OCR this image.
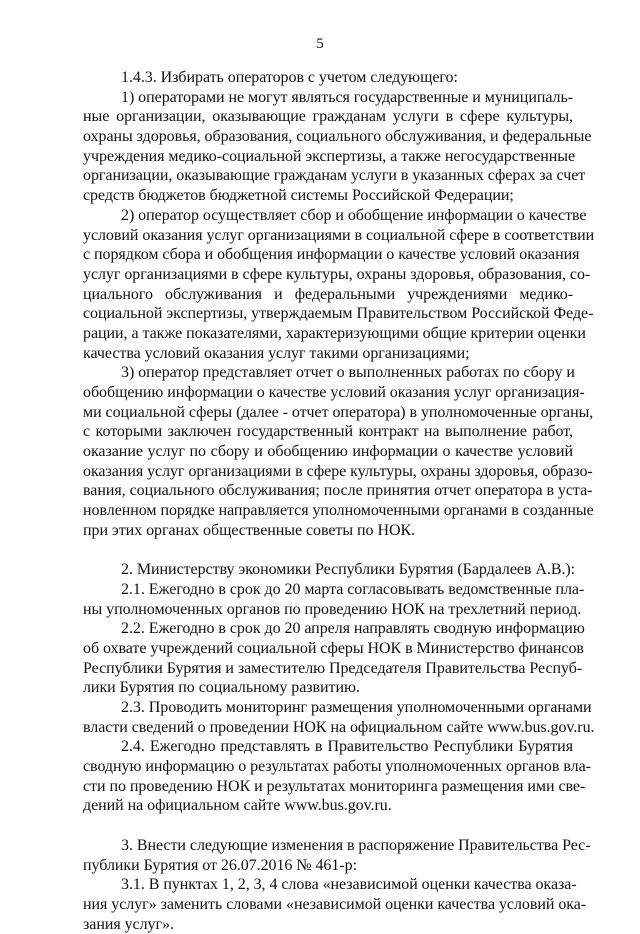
5
1.4.3. Избирать операторов с учетом следующего:
1) операторами не могут являться государственные и муниципаль-
ные организации, оказывающие гражданам услуги в сфере культуры,
охраны здоровья, образования, социального обслуживания, и федеральные
учреждения медико-социальной экспертизы, а также негосударственные
организации, оказывающие гражданам услуги в указанных сферах за счет
средств бюджетов бюджетной системы Российской Федерации;
2) оператор осуществляет сбор и обобщение информации о качестве
условий оказания услуг организациями в социальной сфере в соответствии
с порядком сбора и обобщения информации о качестве условий оказания
услуг организациями в сфере культуры, охраны здоровья, образования, со-
циального обслуживания и федеральными учреждениями медико-
социальной экспертизы, утверждаемым Правительством Российской Феде-
рации, а также показателями, характеризующими общие критерии оценки
качества условий оказания услуг такими организациями;
3) оператор представляет отчет о выполненных работах по сбору и
обобщению информации о качестве условий оказания услуг организация-
ми социальной сферы (далее - отчет оператора) в уполномоченные органы,
с которыми заключен государственный контракт на выполнение работ,
оказание услуг по сбору и обобщению информации о качестве условий
оказания услуг организациями в сфере культуры, охраны здоровья, образо-
вания, социального обслуживания; после принятия отчет оператора в уста-
новленном порядке направляется уполномоченными органами в созданные
при этих органах общественные советы по НОК.
2. Министерству экономики Республики Бурятия (Бардалеев А.В.):
2.1. Ежегодно в срок до 20 марта согласовывать ведомственные пла-
ны уполномоченных органов по проведению НОК на трехлетний период.
2.2. Ежегодно в срок до 20 апреля направлять сводную информацию
об охвате учреждений социальной сферы НОК в Министерство финансов
Республики Бурятия и заместителю Председателя Правительства Респуб-
лики Бурятия по социальному развитию.
2.3. Проводить мониторинг размещения уполномоченными органами
власти сведений о проведении НОК на официальном сайте www.bus.gov.ru.
2.4. Ежегодно представлять в Правительство Республики Бурятия
сводную информацию о результатах работы уполномоченных органов вла-
сти по проведению НОК и результатах мониторинга размещения ими све-
дений на официальном сайте www.bus.gov.ru.
3. Внести следующие изменения в распоряжение Правительства Рес-
публики Бурятия от 26.07.2016 № 461-р:
3.1. В пунктах 1, 2, 3, 4 слова «независимой оценки качества оказа-
ния услуг» заменить словами «независимой оценки качества условий ока-
зания услуг».
